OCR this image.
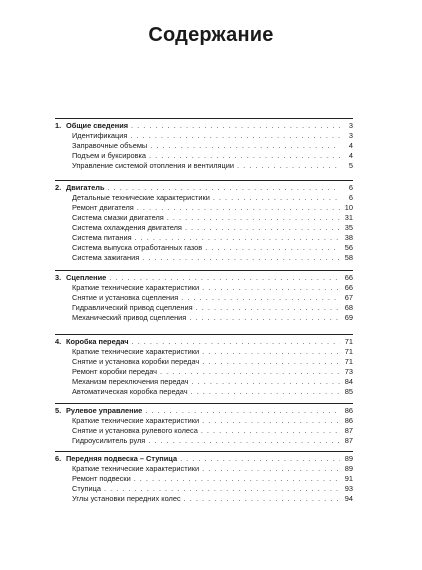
Содержание
1. Общие сведения . . .	3
Идентификация . . .	3
Заправочные объемы . . .	4
Подъем и буксировка . . .	4
Управление системой отопления и вентиляции . . .	5
2. Двигатель . . .	6
Детальные технические характеристики . . .	6
Ремонт двигателя . . .	10
Система смазки двигателя . . .	31
Система охлаждения двигателя . . .	35
Система питания . . .	38
Система выпуска отработанных газов . . .	56
Система зажигания . . .	58
3. Сцепление . . .	66
Краткие технические характеристики . . .	66
Снятие и установка сцепления . . .	67
Гидравлический привод сцепления . . .	68
Механический привод сцепления . . .	69
4. Коробка передач . . .	71
Краткие технические характеристики . . .	71
Снятие и установка коробки передач . . .	71
Ремонт коробки передач . . .	73
Механизм переключения передач . . .	84
Автоматическая коробка передач . . .	85
5. Рулевое управление . . .	86
Краткие технические характеристики . . .	86
Снятие и установка рулевого колеса . . .	87
Гидроусилитель руля . . .	87
6. Передняя подвеска – Ступица . . .	89
Краткие технические характеристики . . .	89
Ремонт подвески . . .	91
Ступица . . .	93
Углы установки передних колес . . .	94
